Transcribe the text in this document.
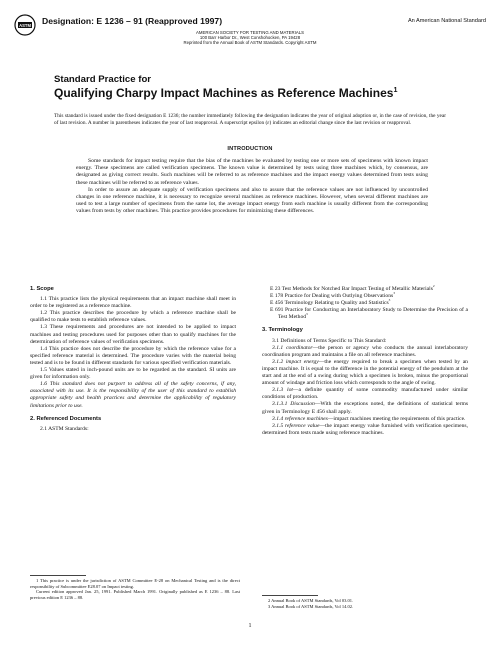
ASTM Designation: E 1236 – 91 (Reapproved 1997)	An American National Standard
AMERICAN SOCIETY FOR TESTING AND MATERIALS
100 Barr Harbor Dr., West Conshohocken, PA 19428
Reprinted from the Annual Book of ASTM Standards. Copyright ASTM
Standard Practice for
Qualifying Charpy Impact Machines as Reference Machines$^1$
This standard is issued under the fixed designation E 1236; the number immediately following the designation indicates the year of original adoption or, in the case of revision, the year of last revision. A number in parentheses indicates the year of last reapproval. A superscript epsilon (ε) indicates an editorial change since the last revision or reapproval.
INTRODUCTION

Some standards for impact testing require that the bias of the machines be evaluated by testing one or more sets of specimens with known impact energy. These specimens are called verification specimens. The known value is determined by tests using three machines which, by consensus, are designated as giving correct results. Such machines will be referred to as reference machines and the impact energy values determined from tests using these machines will be referred to as reference values.

In order to assure an adequate supply of verification specimens and also to assure that the reference values are not influenced by uncontrolled changes in one reference machine, it is necessary to recognize several machines as reference machines. However, when several different machines are used to test a large number of specimens from the same lot, the average impact energy from each machine is usually different from the corresponding values from tests by other machines. This practice provides procedures for minimizing these differences.

1. Scope

1.1 This practice lists the physical requirements that an impact machine shall meet in order to be registered as a reference machine.

1.2 This practice describes the procedure by which a reference machine shall be qualified to make tests to establish reference values.

1.3 These requirements and procedures are not intended to be applied to impact machines and testing procedures used for purposes other than to qualify machines for the determination of reference values of verification specimens.

1.4 This practice does not describe the procedure by which the reference value for a specified reference material is determined. The procedure varies with the material being tested and is to be found in different standards for various specified verification materials.

1.5 Values stated in inch-pound units are to be regarded as the standard. SI units are given for information only.

1.6 This standard does not purport to address all of the safety concerns, if any, associated with its use. It is the responsibility of the user of this standard to establish appropriate safety and health practices and determine the applicability of regulatory limitations prior to use.

2. Referenced Documents

2.1 ASTM Standards:

E 23 Test Methods for Notched Bar Impact Testing of Metallic Materials$^2$

E 178 Practice for Dealing with Outlying Observations$^3$

E 456 Terminology Relating to Quality and Statistics$^3$

E 691 Practice for Conducting an Interlaboratory Study to Determine the Precision of a Test Method$^3$

3. Terminology

3.1 Definitions of Terms Specific to This Standard:

3.1.1 coordinator—the person or agency who conducts the annual interlaboratory coordination program and maintains a file on all reference machines.

3.1.2 impact energy—the energy required to break a specimen when tested by an impact machine. It is equal to the difference in the potential energy of the pendulum at the start and at the end of a swing during which a specimen is broken, minus the proportional amount of windage and friction loss which corresponds to the angle of swing.

3.1.3 lot—a definite quantity of some commodity manufactured under similar conditions of production.

3.1.3.1 Discussion—With the exceptions noted, the definitions of statistical terms given in Terminology E 456 shall apply.

3.1.4 reference machines—impact machines meeting the requirements of this practice.

3.1.5 reference value—the impact energy value furnished with verification specimens, determined from tests made using reference machines.

1 This practice is under the jurisdiction of ASTM Committee E-28 on Mechanical Testing and is the direct responsibility of Subcommittee E28.07 on Impact testing.

Current edition approved Jan. 25, 1991. Published March 1991. Originally published as E 1236 – 88. Last previous edition E 1236 – 88.

2 Annual Book of ASTM Standards, Vol 03.01.

3 Annual Book of ASTM Standards, Vol 14.02.

1
